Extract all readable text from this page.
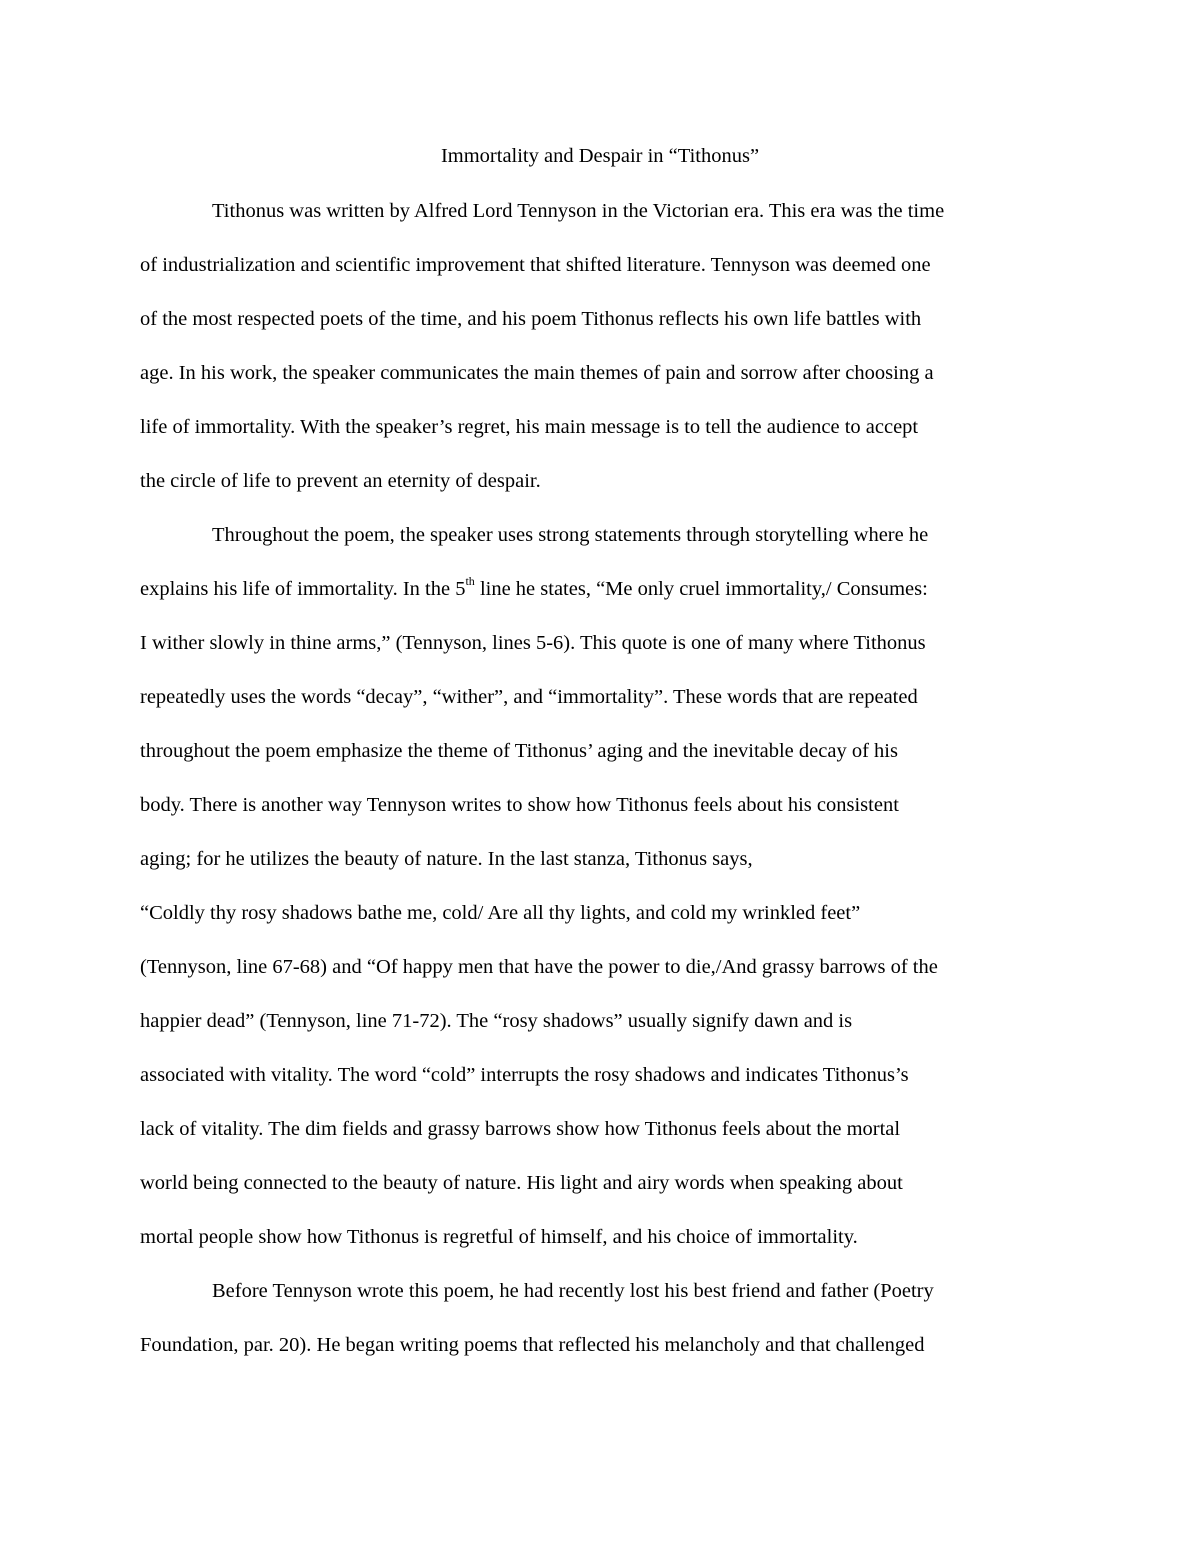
Immortality and Despair in “Tithonus”
Tithonus was written by Alfred Lord Tennyson in the Victorian era. This era was the time
of industrialization and scientific improvement that shifted literature. Tennyson was deemed one
of the most respected poets of the time, and his poem Tithonus reflects his own life battles with
age. In his work, the speaker communicates the main themes of pain and sorrow after choosing a
life of immortality. With the speaker’s regret, his main message is to tell the audience to accept
the circle of life to prevent an eternity of despair.
Throughout the poem, the speaker uses strong statements through storytelling where he
explains his life of immortality. In the 5th line he states, “Me only cruel immortality,/ Consumes:
I wither slowly in thine arms,” (Tennyson, lines 5-6). This quote is one of many where Tithonus
repeatedly uses the words “decay”, “wither”, and “immortality”. These words that are repeated
throughout the poem emphasize the theme of Tithonus’ aging and the inevitable decay of his
body. There is another way Tennyson writes to show how Tithonus feels about his consistent
aging; for he utilizes the beauty of nature. In the last stanza, Tithonus says,
“Coldly thy rosy shadows bathe me, cold/ Are all thy lights, and cold my wrinkled feet”
(Tennyson, line 67-68) and “Of happy men that have the power to die,/And grassy barrows of the
happier dead” (Tennyson, line 71-72). The “rosy shadows” usually signify dawn and is
associated with vitality. The word “cold” interrupts the rosy shadows and indicates Tithonus’s
lack of vitality. The dim fields and grassy barrows show how Tithonus feels about the mortal
world being connected to the beauty of nature. His light and airy words when speaking about
mortal people show how Tithonus is regretful of himself, and his choice of immortality.
Before Tennyson wrote this poem, he had recently lost his best friend and father (Poetry
Foundation, par. 20). He began writing poems that reflected his melancholy and that challenged
